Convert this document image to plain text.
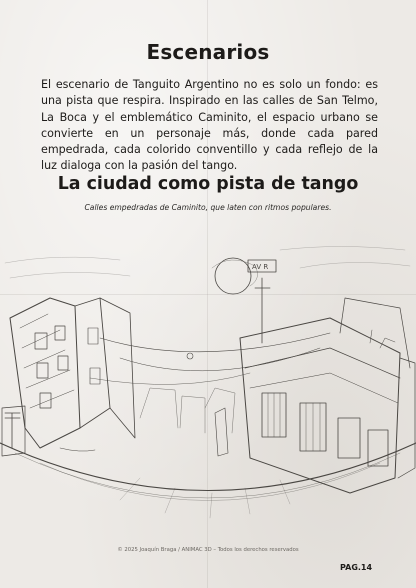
Escenarios
El escenario de Tanguito Argentino no es solo un fondo: es una pista que respira. Inspirado en las calles de San Telmo, La Boca y el emblemático Caminito, el espacio urbano se convierte en un personaje más, donde cada pared empedrada, cada colorido conventillo y cada reflejo de la luz dialoga con la pasión del tango.
La ciudad como pista de tango
Calles empedradas de Caminito, que laten con ritmos populares.
AV R
© 2025 Joaquín Braga / ANIMAC 3D – Todos los derechos reservados
PAG.14
